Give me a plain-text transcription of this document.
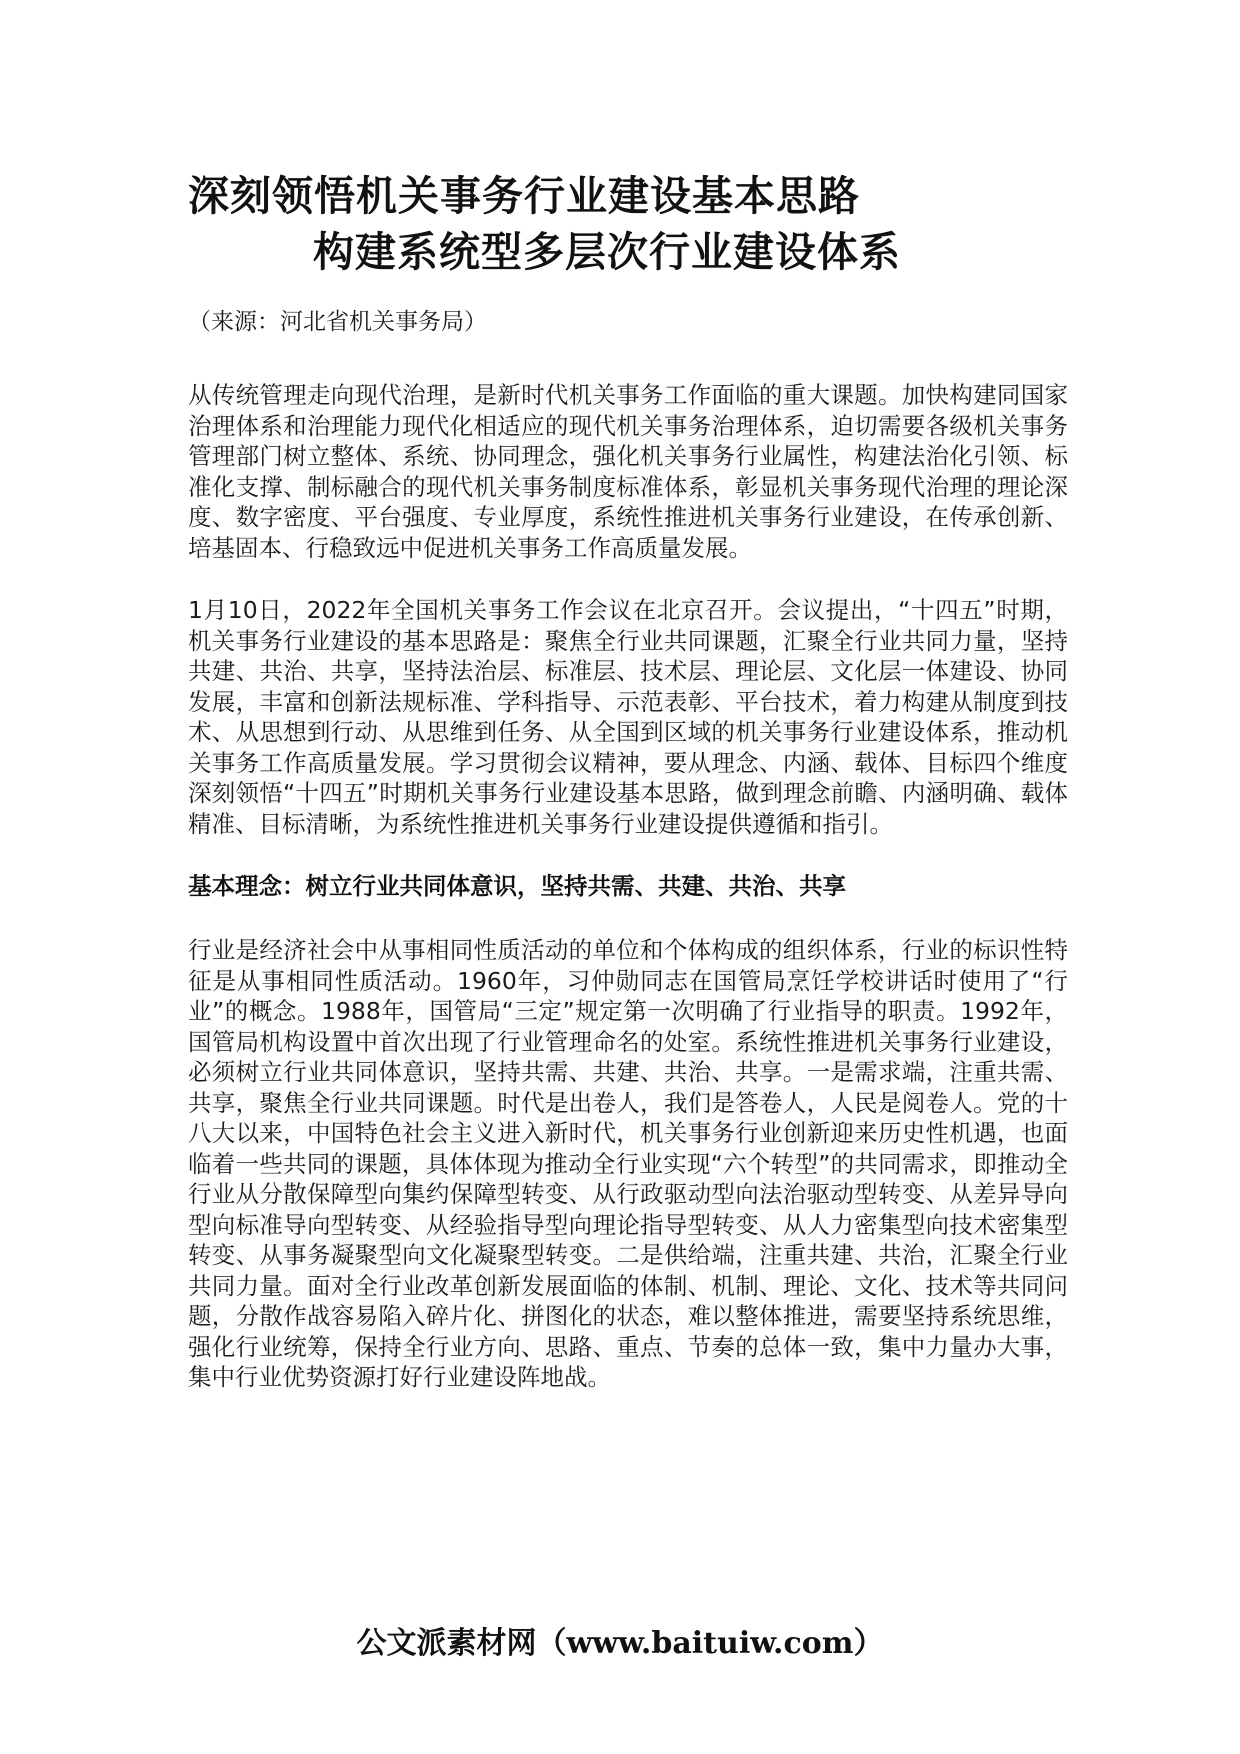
深刻领悟机关事务行业建设基本思路
构建系统型多层次行业建设体系
（来源：河北省机关事务局）

从传统管理走向现代治理，是新时代机关事务工作面临的重大课题。加快构建同国家治理体系和治理能力现代化相适应的现代机关事务治理体系，迫切需要各级机关事务管理部门树立整体、系统、协同理念，强化机关事务行业属性，构建法治化引领、标准化支撑、制标融合的现代机关事务制度标准体系，彰显机关事务现代治理的理论深度、数字密度、平台强度、专业厚度，系统性推进机关事务行业建设，在传承创新、培基固本、行稳致远中促进机关事务工作高质量发展。

1月10日，2022年全国机关事务工作会议在北京召开。会议提出，“十四五”时期，机关事务行业建设的基本思路是：聚焦全行业共同课题，汇聚全行业共同力量，坚持共建、共治、共享，坚持法治层、标准层、技术层、理论层、文化层一体建设、协同发展，丰富和创新法规标准、学科指导、示范表彰、平台技术，着力构建从制度到技术、从思想到行动、从思维到任务、从全国到区域的机关事务行业建设体系，推动机关事务工作高质量发展。学习贯彻会议精神，要从理念、内涵、载体、目标四个维度深刻领悟“十四五”时期机关事务行业建设基本思路，做到理念前瞻、内涵明确、载体精准、目标清晰，为系统性推进机关事务行业建设提供遵循和指引。

基本理念：树立行业共同体意识，坚持共需、共建、共治、共享

行业是经济社会中从事相同性质活动的单位和个体构成的组织体系，行业的标识性特征是从事相同性质活动。1960年，习仲勋同志在国管局烹饪学校讲话时使用了“行业”的概念。1988年，国管局“三定”规定第一次明确了行业指导的职责。1992年，国管局机构设置中首次出现了行业管理命名的处室。系统性推进机关事务行业建设，必须树立行业共同体意识，坚持共需、共建、共治、共享。一是需求端，注重共需、共享，聚焦全行业共同课题。时代是出卷人，我们是答卷人，人民是阅卷人。党的十八大以来，中国特色社会主义进入新时代，机关事务行业创新迎来历史性机遇，也面临着一些共同的课题，具体体现为推动全行业实现“六个转型”的共同需求，即推动全行业从分散保障型向集约保障型转变、从行政驱动型向法治驱动型转变、从差异导向型向标准导向型转变、从经验指导型向理论指导型转变、从人力密集型向技术密集型转变、从事务凝聚型向文化凝聚型转变。二是供给端，注重共建、共治，汇聚全行业共同力量。面对全行业改革创新发展面临的体制、机制、理论、文化、技术等共同问题，分散作战容易陷入碎片化、拼图化的状态，难以整体推进，需要坚持系统思维，强化行业统筹，保持全行业方向、思路、重点、节奏的总体一致，集中力量办大事，集中行业优势资源打好行业建设阵地战。

公文派素材网（www.baituiw.com）
